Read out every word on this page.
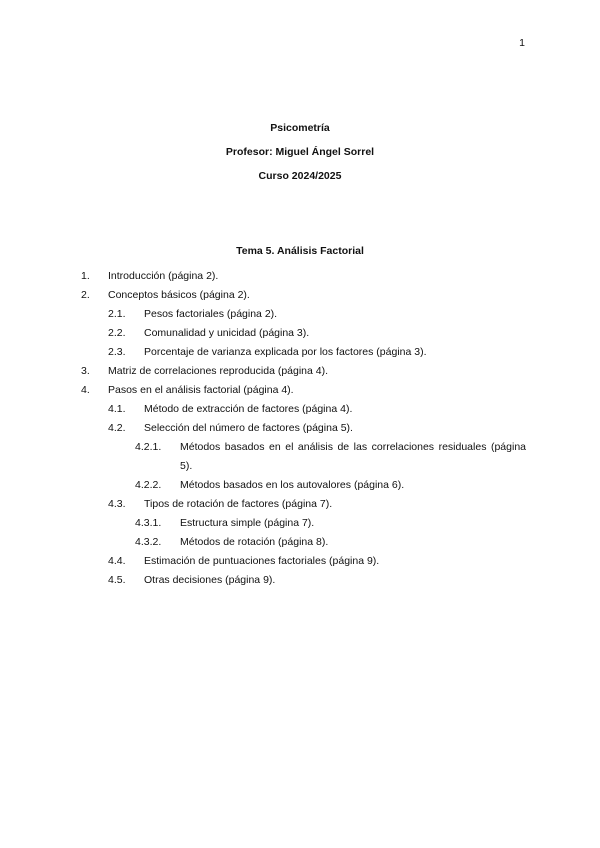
1
Psicometría
Profesor: Miguel Ángel Sorrel
Curso 2024/2025
Tema 5. Análisis Factorial
1. Introducción (página 2).
2. Conceptos básicos (página 2).
2.1. Pesos factoriales (página 2).
2.2. Comunalidad y unicidad (página 3).
2.3. Porcentaje de varianza explicada por los factores (página 3).
3. Matriz de correlaciones reproducida (página 4).
4. Pasos en el análisis factorial (página 4).
4.1. Método de extracción de factores (página 4).
4.2. Selección del número de factores (página 5).
4.2.1. Métodos basados en el análisis de las correlaciones residuales (página 5).
4.2.2. Métodos basados en los autovalores (página 6).
4.3. Tipos de rotación de factores (página 7).
4.3.1. Estructura simple (página 7).
4.3.2. Métodos de rotación (página 8).
4.4. Estimación de puntuaciones factoriales (página 9).
4.5. Otras decisiones (página 9).
